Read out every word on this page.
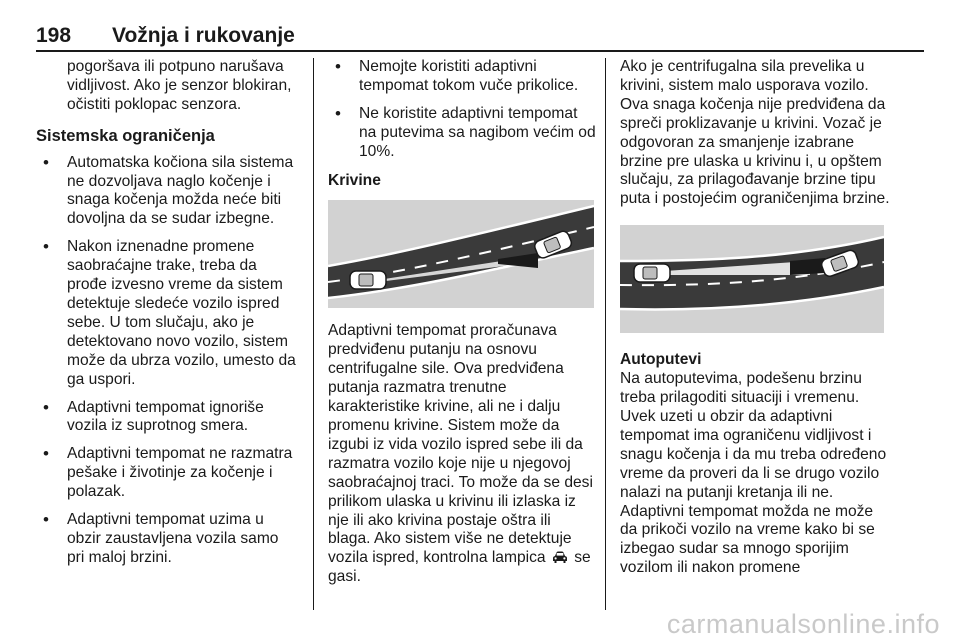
198 Vožnja i rukovanje

pogoršava ili potpuno narušava vidljivost. Ako je senzor blokiran, očistiti poklopac senzora.

Sistemska ograničenja

• Automatska kočiona sila sistema ne dozvoljava naglo kočenje i snaga kočenja možda neće biti dovoljna da se sudar izbegne.
• Nakon iznenadne promene saobraćajne trake, treba da prođe izvesno vreme da sistem detektuje sledeće vozilo ispred sebe. U tom slučaju, ako je detektovano novo vozilo, sistem može da ubrza vozilo, umesto da ga uspori.
• Adaptivni tempomat ignoriše vozila iz suprotnog smera.
• Adaptivni tempomat ne razmatra pešake i životinje za kočenje i polazak.
• Adaptivni tempomat uzima u obzir zaustavljena vozila samo pri maloj brzini.
• Nemojte koristiti adaptivni tempomat tokom vuče prikolice.
• Ne koristite adaptivni tempomat na putevima sa nagibom većim od 10%.

Krivine

Adaptivni tempomat proračunava predviđenu putanju na osnovu centrifugalne sile. Ova predviđena putanja razmatra trenutne karakteristike krivine, ali ne i dalju promenu krivine. Sistem može da izgubi iz vida vozilo ispred sebe ili da razmatra vozilo koje nije u njegovoj saobraćajnoj traci. To može da se desi prilikom ulaska u krivinu ili izlaska iz nje ili ako krivina postaje oštra ili blaga. Ako sistem više ne detektuje vozila ispred, kontrolna lampica se gasi.

Ako je centrifugalna sila prevelika u krivini, sistem malo usporava vozilo. Ova snaga kočenja nije predviđena da spreči proklizavanje u krivini. Vozač je odgovoran za smanjenje izabrane brzine pre ulaska u krivinu i, u opštem slučaju, za prilagođavanje brzine tipu puta i postojećim ograničenjima brzine.

Autoputevi

Na autoputevima, podešenu brzinu treba prilagoditi situaciji i vremenu. Uvek uzeti u obzir da adaptivni tempomat ima ograničenu vidljivost i snagu kočenja i da mu treba određeno vreme da proveri da li se drugo vozilo nalazi na putanji kretanja ili ne. Adaptivni tempomat možda ne može da prikoči vozilo na vreme kako bi se izbegao sudar sa mnogo sporijim vozilom ili nakon promene

carmanualsonline.info
